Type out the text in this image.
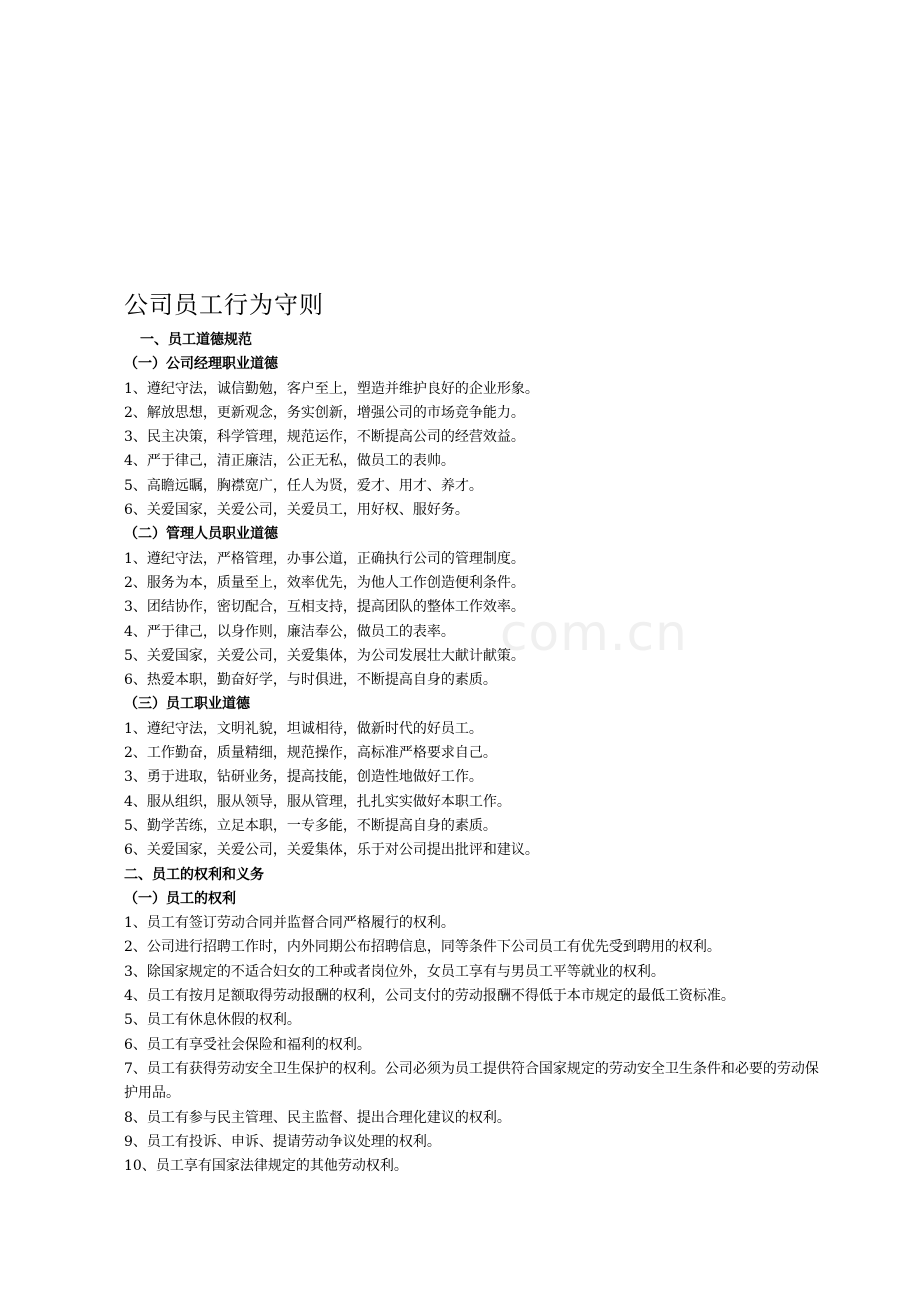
com.cn
公司员工行为守则
一、员工道德规范
（一）公司经理职业道德
1、遵纪守法，诚信勤勉，客户至上，塑造并维护良好的企业形象。
2、解放思想，更新观念，务实创新，增强公司的市场竞争能力。
3、民主决策，科学管理，规范运作，不断提高公司的经营效益。
4、严于律己，清正廉洁，公正无私，做员工的表帅。
5、高瞻远瞩，胸襟宽广，任人为贤，爱才、用才、养才。
6、关爱国家，关爱公司，关爱员工，用好权、服好务。
（二）管理人员职业道德
1、遵纪守法，严格管理，办事公道，正确执行公司的管理制度。
2、服务为本，质量至上，效率优先，为他人工作创造便利条件。
3、团结协作，密切配合，互相支持，提高团队的整体工作效率。
4、严于律己，以身作则，廉洁奉公，做员工的表率。
5、关爱国家，关爱公司，关爱集体，为公司发展壮大献计献策。
6、热爱本职，勤奋好学，与时俱进，不断提高自身的素质。
（三）员工职业道德
1、遵纪守法，文明礼貌，坦诚相待，做新时代的好员工。
2、工作勤奋，质量精细，规范操作，高标准严格要求自己。
3、勇于进取，钻研业务，提高技能，创造性地做好工作。
4、服从组织，服从领导，服从管理，扎扎实实做好本职工作。
5、勤学苦练，立足本职，一专多能，不断提高自身的素质。
6、关爱国家，关爱公司，关爱集体，乐于对公司提出批评和建议。
二、员工的权利和义务
（一）员工的权利
1、员工有签订劳动合同并监督合同严格履行的权利。
2、公司进行招聘工作时，内外同期公布招聘信息，同等条件下公司员工有优先受到聘用的权利。
3、除国家规定的不适合妇女的工种或者岗位外，女员工享有与男员工平等就业的权利。
4、员工有按月足额取得劳动报酬的权利，公司支付的劳动报酬不得低于本市规定的最低工资标准。
5、员工有休息休假的权利。
6、员工有享受社会保险和福利的权利。
7、员工有获得劳动安全卫生保护的权利。公司必须为员工提供符合国家规定的劳动安全卫生条件和必要的劳动保护用品。
8、员工有参与民主管理、民主监督、提出合理化建议的权利。
9、员工有投诉、申诉、提请劳动争议处理的权利。
10、员工享有国家法律规定的其他劳动权利。
